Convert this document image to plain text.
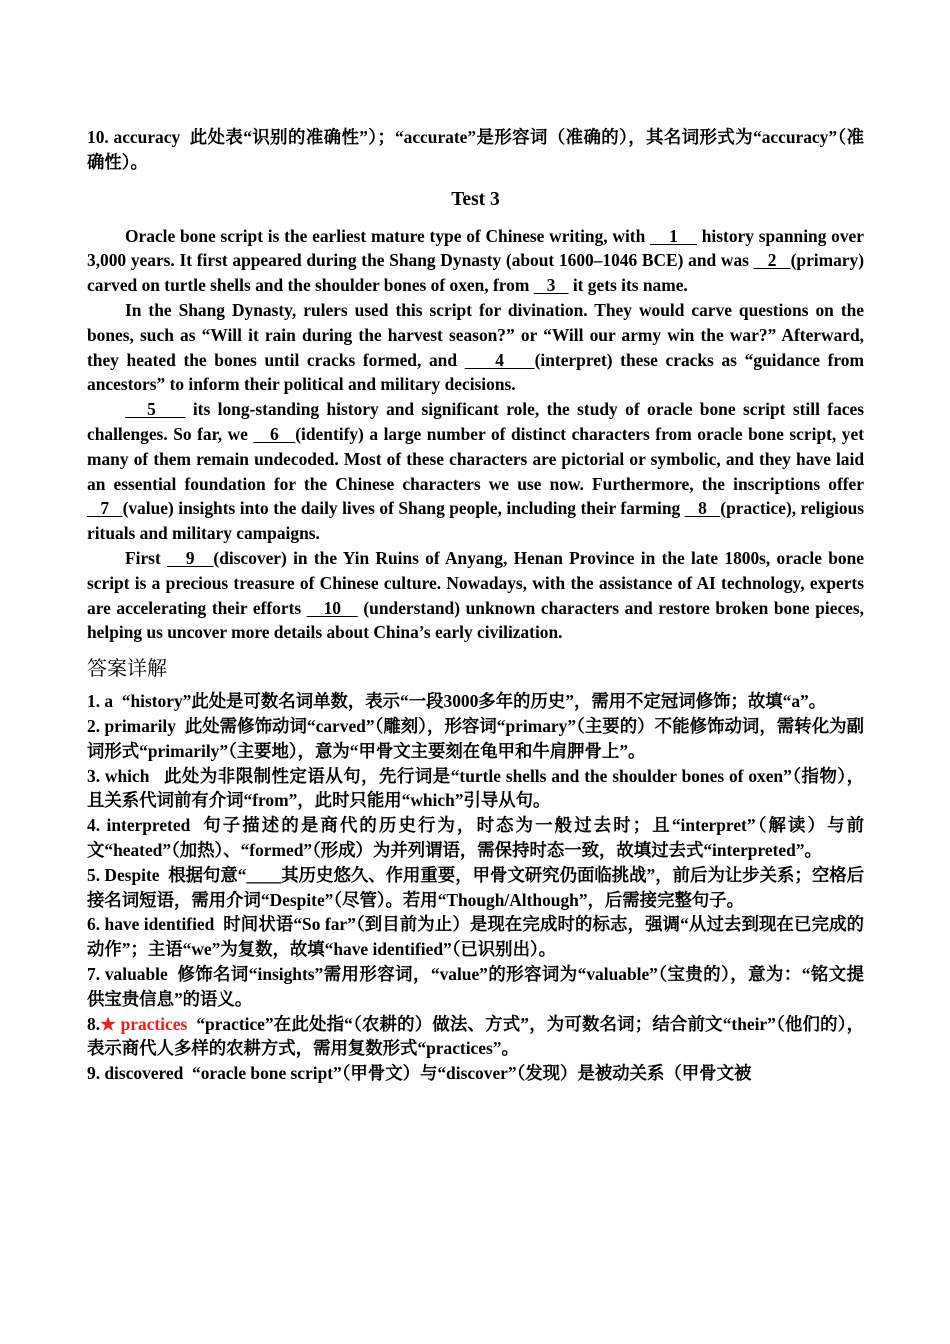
10. accuracy 此处表“识别的准确性”）；“accurate”是形容词（准确的），其名词形式为“accuracy”（准确性）。

Test 3

Oracle bone script is the earliest mature type of Chinese writing, with     1     history spanning over 3,000 years. It first appeared during the Shang Dynasty (about 1600–1046 BCE) and was    2   (primary) carved on turtle shells and the shoulder bones of oxen, from    3    it gets its name.

In the Shang Dynasty, rulers used this script for divination. They would carve questions on the bones, such as “Will it rain during the harvest season?” or “Will our army win the war?” Afterward, they heated the bones until cracks formed, and     4    (interpret) these cracks as “guidance from ancestors” to inform their political and military decisions.

5     its long-standing history and significant role, the study of oracle bone script still faces challenges. So far, we    6   (identify) a large number of distinct characters from oracle bone script, yet many of them remain undecoded. Most of these characters are pictorial or symbolic, and they have laid an essential foundation for the Chinese characters we use now. Furthermore, the inscriptions offer    7   (value) insights into the daily lives of Shang people, including their farming    8   (practice), religious rituals and military campaigns.

First    9   (discover) in the Yin Ruins of Anyang, Henan Province in the late 1800s, oracle bone script is a precious treasure of Chinese culture. Nowadays, with the assistance of AI technology, experts are accelerating their efforts    10    (understand) unknown characters and restore broken bone pieces, helping us uncover more details about China’s early civilization.

答案详解

1. a “history”此处是可数名词单数，表示“一段3000多年的历史”，需用不定冠词修饰；故填“a”。

2. primarily 此处需修饰动词“carved”（雕刻），形容词“primary”（主要的）不能修饰动词，需转化为副词形式“primarily”（主要地），意为“甲骨文主要刻在龟甲和牛肩胛骨上”。

3. which 此处为非限制性定语从句，先行词是“turtle shells and the shoulder bones of oxen”（指物），且关系代词前有介词“from”，此时只能用“which”引导从句。

4. interpreted 句子描述的是商代的历史行为，时态为一般过去时；且“interpret”（解读）与前文“heated”（加热）、“formed”（形成）为并列谓语，需保持时态一致，故填过去式“interpreted”。

5. Despite 根据句意“____其历史悠久、作用重要，甲骨文研究仍面临挑战”，前后为让步关系；空格后接名词短语，需用介词“Despite”（尽管）。若用“Though/Although”，后需接完整句子。

6. have identified 时间状语“So far”（到目前为止）是现在完成时的标志，强调“从过去到现在已完成的动作”；主语“we”为复数，故填“have identified”（已识别出）。

7. valuable 修饰名词“insights”需用形容词，“value”的形容词为“valuable”（宝贵的），意为：“铭文提供宝贵信息”的语义。

8.★ practices “practice”在此处指“（农耕的）做法、方式”，为可数名词；结合前文“their”（他们的），表示商代人多样的农耕方式，需用复数形式“practices”。

9. discovered “oracle bone script”（甲骨文）与“discover”（发现）是被动关系（甲骨文被
